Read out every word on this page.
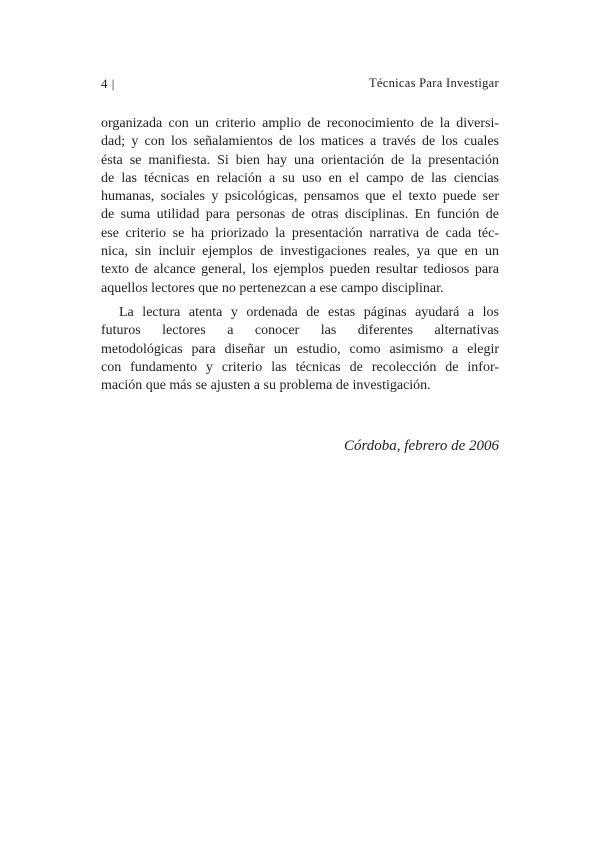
4 |	Técnicas Para Investigar
organizada con un criterio amplio de reconocimiento de la diversi-
dad; y con los señalamientos de los matices a través de los cuales
ésta se manifiesta. Si bien hay una orientación de la presentación
de las técnicas en relación a su uso en el campo de las ciencias
humanas, sociales y psicológicas, pensamos que el texto puede ser
de suma utilidad para personas de otras disciplinas. En función de
ese criterio se ha priorizado la presentación narrativa de cada téc-
nica, sin incluir ejemplos de investigaciones reales, ya que en un
texto de alcance general, los ejemplos pueden resultar tediosos para
aquellos lectores que no pertenezcan a ese campo disciplinar.
La lectura atenta y ordenada de estas páginas ayudará a los
futuros lectores a conocer las diferentes alternativas
metodológicas para diseñar un estudio, como asimismo a elegir
con fundamento y criterio las técnicas de recolección de infor-
mación que más se ajusten a su problema de investigación.
Córdoba, febrero de 2006
